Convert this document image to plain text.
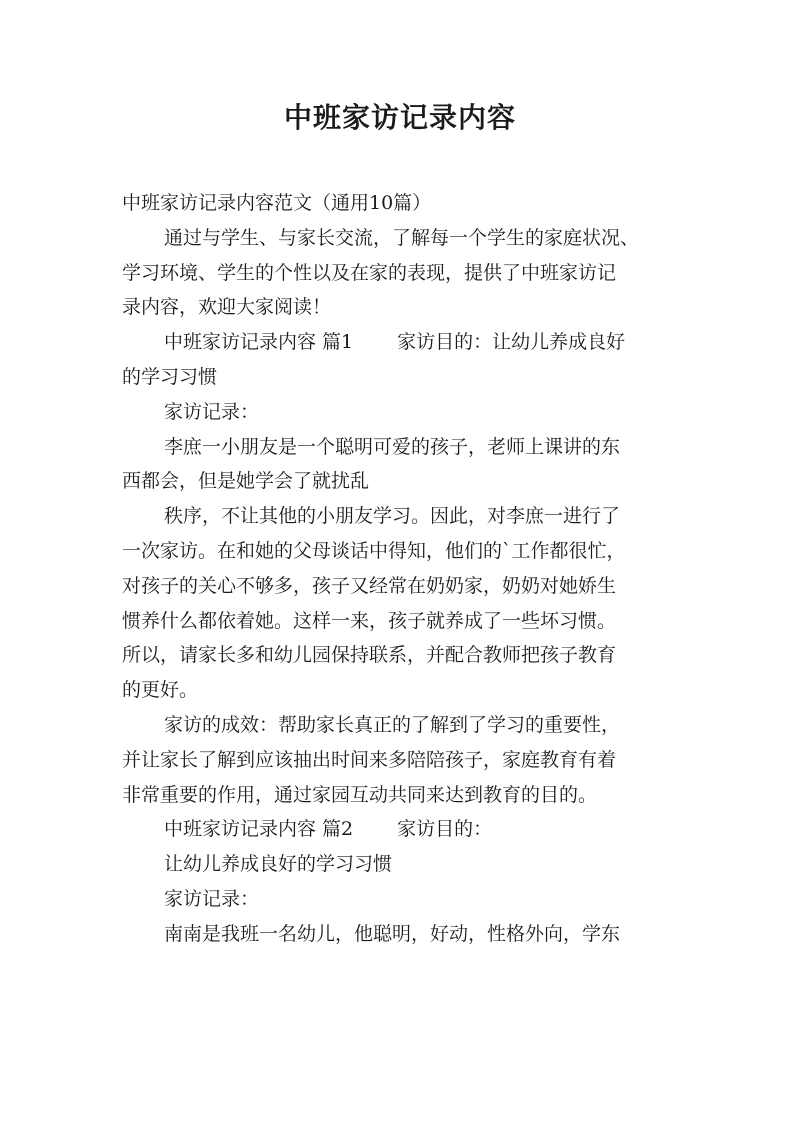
中班家访记录内容

中班家访记录内容范文（通用10篇）

通过与学生、与家长交流，了解每一个学生的家庭状况、

学习环境、学生的个性以及在家的表现，提供了中班家访记

录内容，欢迎大家阅读！

中班家访记录内容 篇1 家访目的：让幼儿养成良好

的学习习惯

家访记录：

李庶一小朋友是一个聪明可爱的孩子，老师上课讲的东

西都会，但是她学会了就扰乱

秩序，不让其他的小朋友学习。因此，对李庶一进行了

一次家访。在和她的父母谈话中得知，他们的`工作都很忙，

对孩子的关心不够多，孩子又经常在奶奶家，奶奶对她娇生

惯养什么都依着她。这样一来，孩子就养成了一些坏习惯。

所以，请家长多和幼儿园保持联系，并配合教师把孩子教育

的更好。

家访的成效：帮助家长真正的了解到了学习的重要性，

并让家长了解到应该抽出时间来多陪陪孩子，家庭教育有着

非常重要的作用，通过家园互动共同来达到教育的目的。

中班家访记录内容 篇2 家访目的：

让幼儿养成良好的学习习惯

家访记录：

南南是我班一名幼儿，他聪明，好动，性格外向，学东
